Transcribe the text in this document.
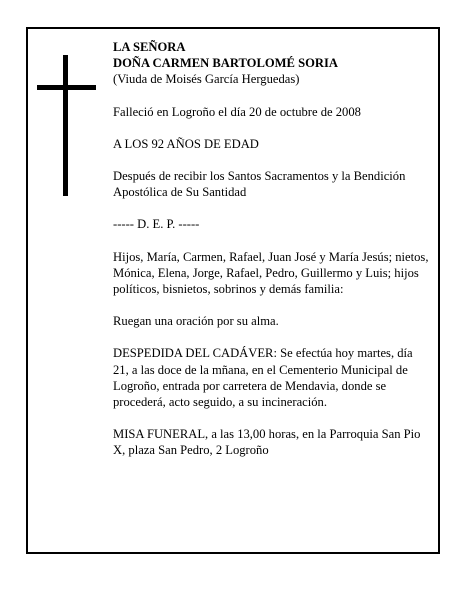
LA SEÑORA

DOÑA CARMEN BARTOLOMÉ SORIA

(Viuda de Moisés García Herguedas)

Falleció en Logroño el día 20 de octubre de 2008

A LOS 92 AÑOS DE EDAD

Después de recibir los Santos Sacramentos y la Bendición Apostólica de Su Santidad

----- D. E. P. -----

Hijos, María, Carmen, Rafael, Juan José y María Jesús; nietos, Mónica, Elena, Jorge, Rafael, Pedro, Guillermo y Luis; hijos políticos, bisnietos, sobrinos y demás familia:

Ruegan una oración por su alma.

DESPEDIDA DEL CADÁVER: Se efectúa hoy martes, día 21, a las doce de la mñana, en el Cementerio Municipal de Logroño, entrada por carretera de Mendavia, donde se procederá, acto seguido, a su incineración.

MISA FUNERAL, a las 13,00 horas, en la Parroquia San Pio X, plaza San Pedro, 2 Logroño
